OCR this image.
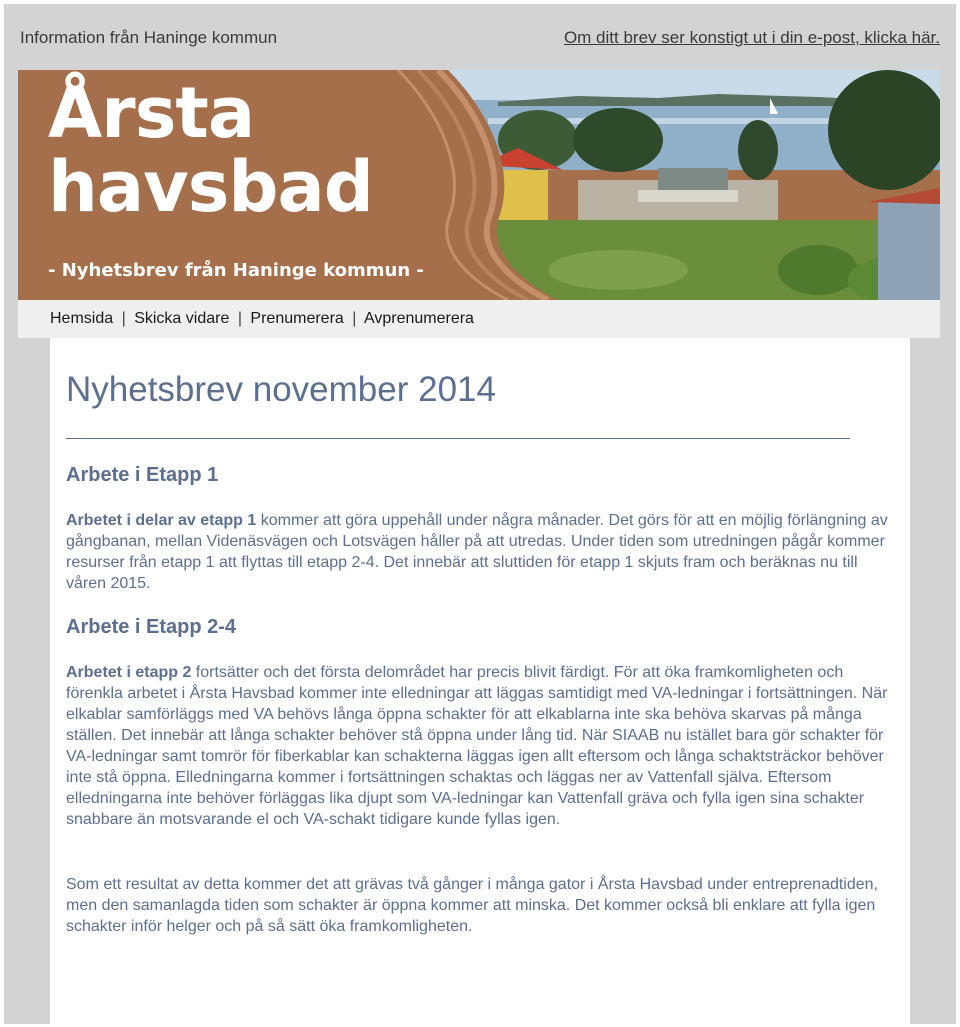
Information från Haninge kommun	Om ditt brev ser konstigt ut i din e-post, klicka här.
Årsta
havsbad
- Nyhetsbrev från Haninge kommun -
Hemsida | Skicka vidare | Prenumerera | Avprenumerera
Nyhetsbrev november 2014
Arbete i Etapp 1
Arbetet i delar av etapp 1 kommer att göra uppehåll under några månader. Det görs för att en möjlig förlängning av gångbanan, mellan Videnäsvägen och Lotsvägen håller på att utredas. Under tiden som utredningen pågår kommer resurser från etapp 1 att flyttas till etapp 2-4. Det innebär att sluttiden för etapp 1 skjuts fram och beräknas nu till våren 2015.
Arbete i Etapp 2-4
Arbetet i etapp 2 fortsätter och det första delområdet har precis blivit färdigt. För att öka framkomligheten och förenkla arbetet i Årsta Havsbad kommer inte elledningar att läggas samtidigt med VA-ledningar i fortsättningen. När elkablar samförläggs med VA behövs långa öppna schakter för att elkablarna inte ska behöva skarvas på många ställen. Det innebär att långa schakter behöver stå öppna under lång tid. När SIAAB nu istället bara gör schakter för VA-ledningar samt tomrör för fiberkablar kan schakterna läggas igen allt eftersom och långa schaktsträckor behöver inte stå öppna. Elledningarna kommer i fortsättningen schaktas och läggas ner av Vattenfall själva. Eftersom elledningarna inte behöver förläggas lika djupt som VA-ledningar kan Vattenfall gräva och fylla igen sina schakter snabbare än motsvarande el och VA-schakt tidigare kunde fyllas igen.
Som ett resultat av detta kommer det att grävas två gånger i många gator i Årsta Havsbad under entreprenadtiden, men den samanlagda tiden som schakter är öppna kommer att minska. Det kommer också bli enklare att fylla igen schakter inför helger och på så sätt öka framkomligheten.
